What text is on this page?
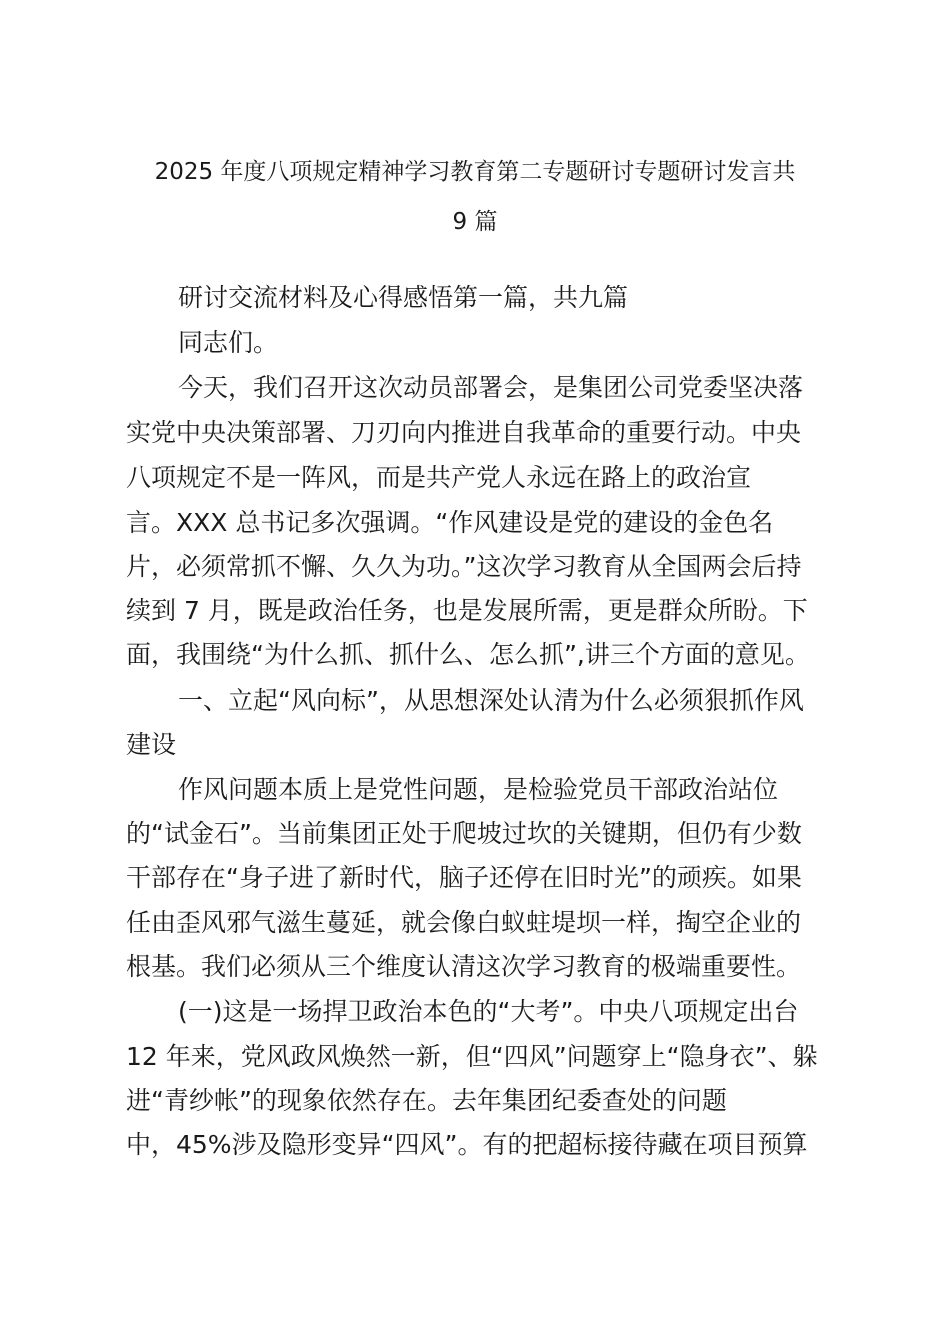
2025 年度八项规定精神学习教育第二专题研讨专题研讨发言共
9 篇
研讨交流材料及心得感悟第一篇，共九篇
同志们。
今天，我们召开这次动员部署会，是集团公司党委坚决落
实党中央决策部署、刀刃向内推进自我革命的重要行动。中央
八项规定不是一阵风，而是共产党人永远在路上的政治宣
言。XXX 总书记多次强调。“作风建设是党的建设的金色名
片，必须常抓不懈、久久为功。”这次学习教育从全国两会后持
续到 7 月，既是政治任务，也是发展所需，更是群众所盼。下
面，我围绕“为什么抓、抓什么、怎么抓”,讲三个方面的意见。
一、立起“风向标”，从思想深处认清为什么必须狠抓作风
建设
作风问题本质上是党性问题，是检验党员干部政治站位
的“试金石”。当前集团正处于爬坡过坎的关键期，但仍有少数
干部存在“身子进了新时代，脑子还停在旧时光”的顽疾。如果
任由歪风邪气滋生蔓延，就会像白蚁蛀堤坝一样，掏空企业的
根基。我们必须从三个维度认清这次学习教育的极端重要性。
(一)这是一场捍卫政治本色的“大考”。中央八项规定出台
12 年来，党风政风焕然一新，但“四风”问题穿上“隐身衣”、躲
进“青纱帐”的现象依然存在。去年集团纪委查处的问题
中，45%涉及隐形变异“四风”。有的把超标接待藏在项目预算
